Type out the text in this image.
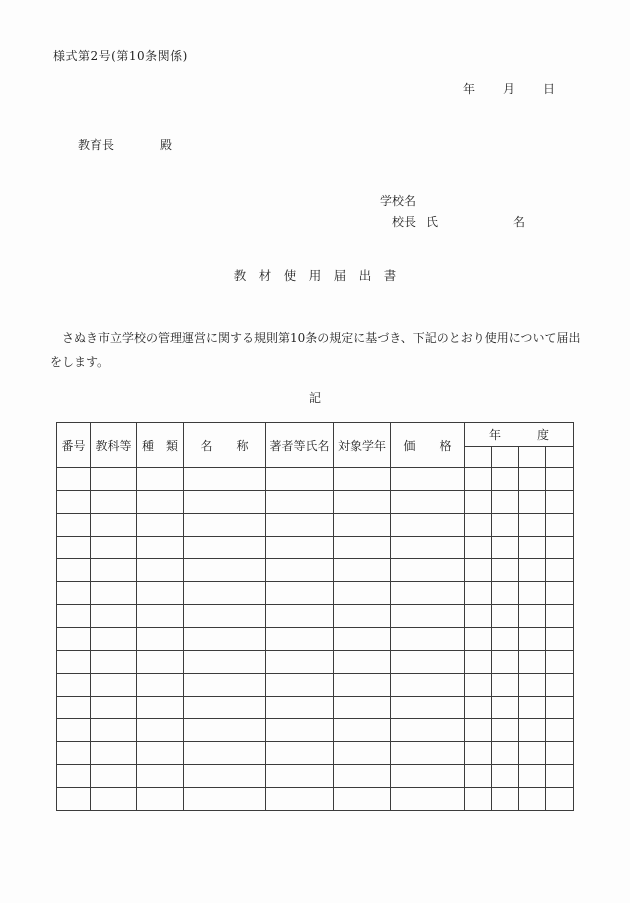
様式第2号(第10条関係)
年 月 日
教育長	殿
学校名
校長 氏	名
教　材　使　用　届　出　書
　さぬき市立学校の管理運営に関する規則第10条の規定に基づき、下記のとおり使用について届出
をします。
記
番号	教科等	種　類	名　　称	著者等氏名	対象学年	価　　格	年 度			
